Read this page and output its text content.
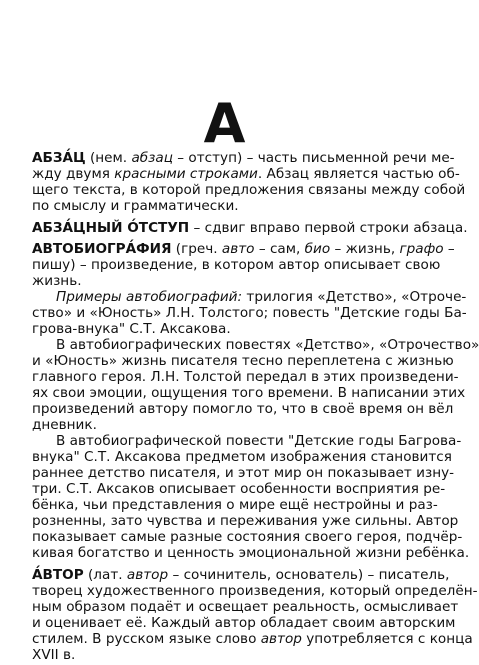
А
АБЗА́Ц (нем. абзац – отступ) – часть письменной речи ме-
жду двумя красными строками. Абзац является частью об-
щего текста, в которой предложения связаны между собой
по смыслу и грамматически.
АБЗА́ЦНЫЙ О́ТСТУП – сдвиг вправо первой строки абзаца.
АВТОБИОГРА́ФИЯ (греч. авто – сам, био – жизнь, графо –
пишу) – произведение, в котором автор описывает свою
жизнь.
Примеры автобиографий: трилогия «Детство», «Отроче-
ство» и «Юность» Л.Н. Толстого; повесть "Детские годы Ба-
грова-внука" С.Т. Аксакова.
В автобиографических повестях «Детство», «Отрочество»
и «Юность» жизнь писателя тесно переплетена с жизнью
главного героя. Л.Н. Толстой передал в этих произведени-
ях свои эмоции, ощущения того времени. В написании этих
произведений автору помогло то, что в своё время он вёл
дневник.
В автобиографической повести "Детские годы Багрова-
внука" С.Т. Аксакова предметом изображения становится
раннее детство писателя, и этот мир он показывает изну-
три. С.Т. Аксаков описывает особенности восприятия ре-
бёнка, чьи представления о мире ещё нестройны и раз-
розненны, зато чувства и переживания уже сильны. Автор
показывает самые разные состояния своего героя, подчёр-
кивая богатство и ценность эмоциональной жизни ребёнка.
А́ВТОР (лат. автор – сочинитель, основатель) – писатель,
творец художественного произведения, который определён-
ным образом подаёт и освещает реальность, осмысливает
и оценивает её. Каждый автор обладает своим авторским
стилем. В русском языке слово автор употребляется с конца
XVII в.
